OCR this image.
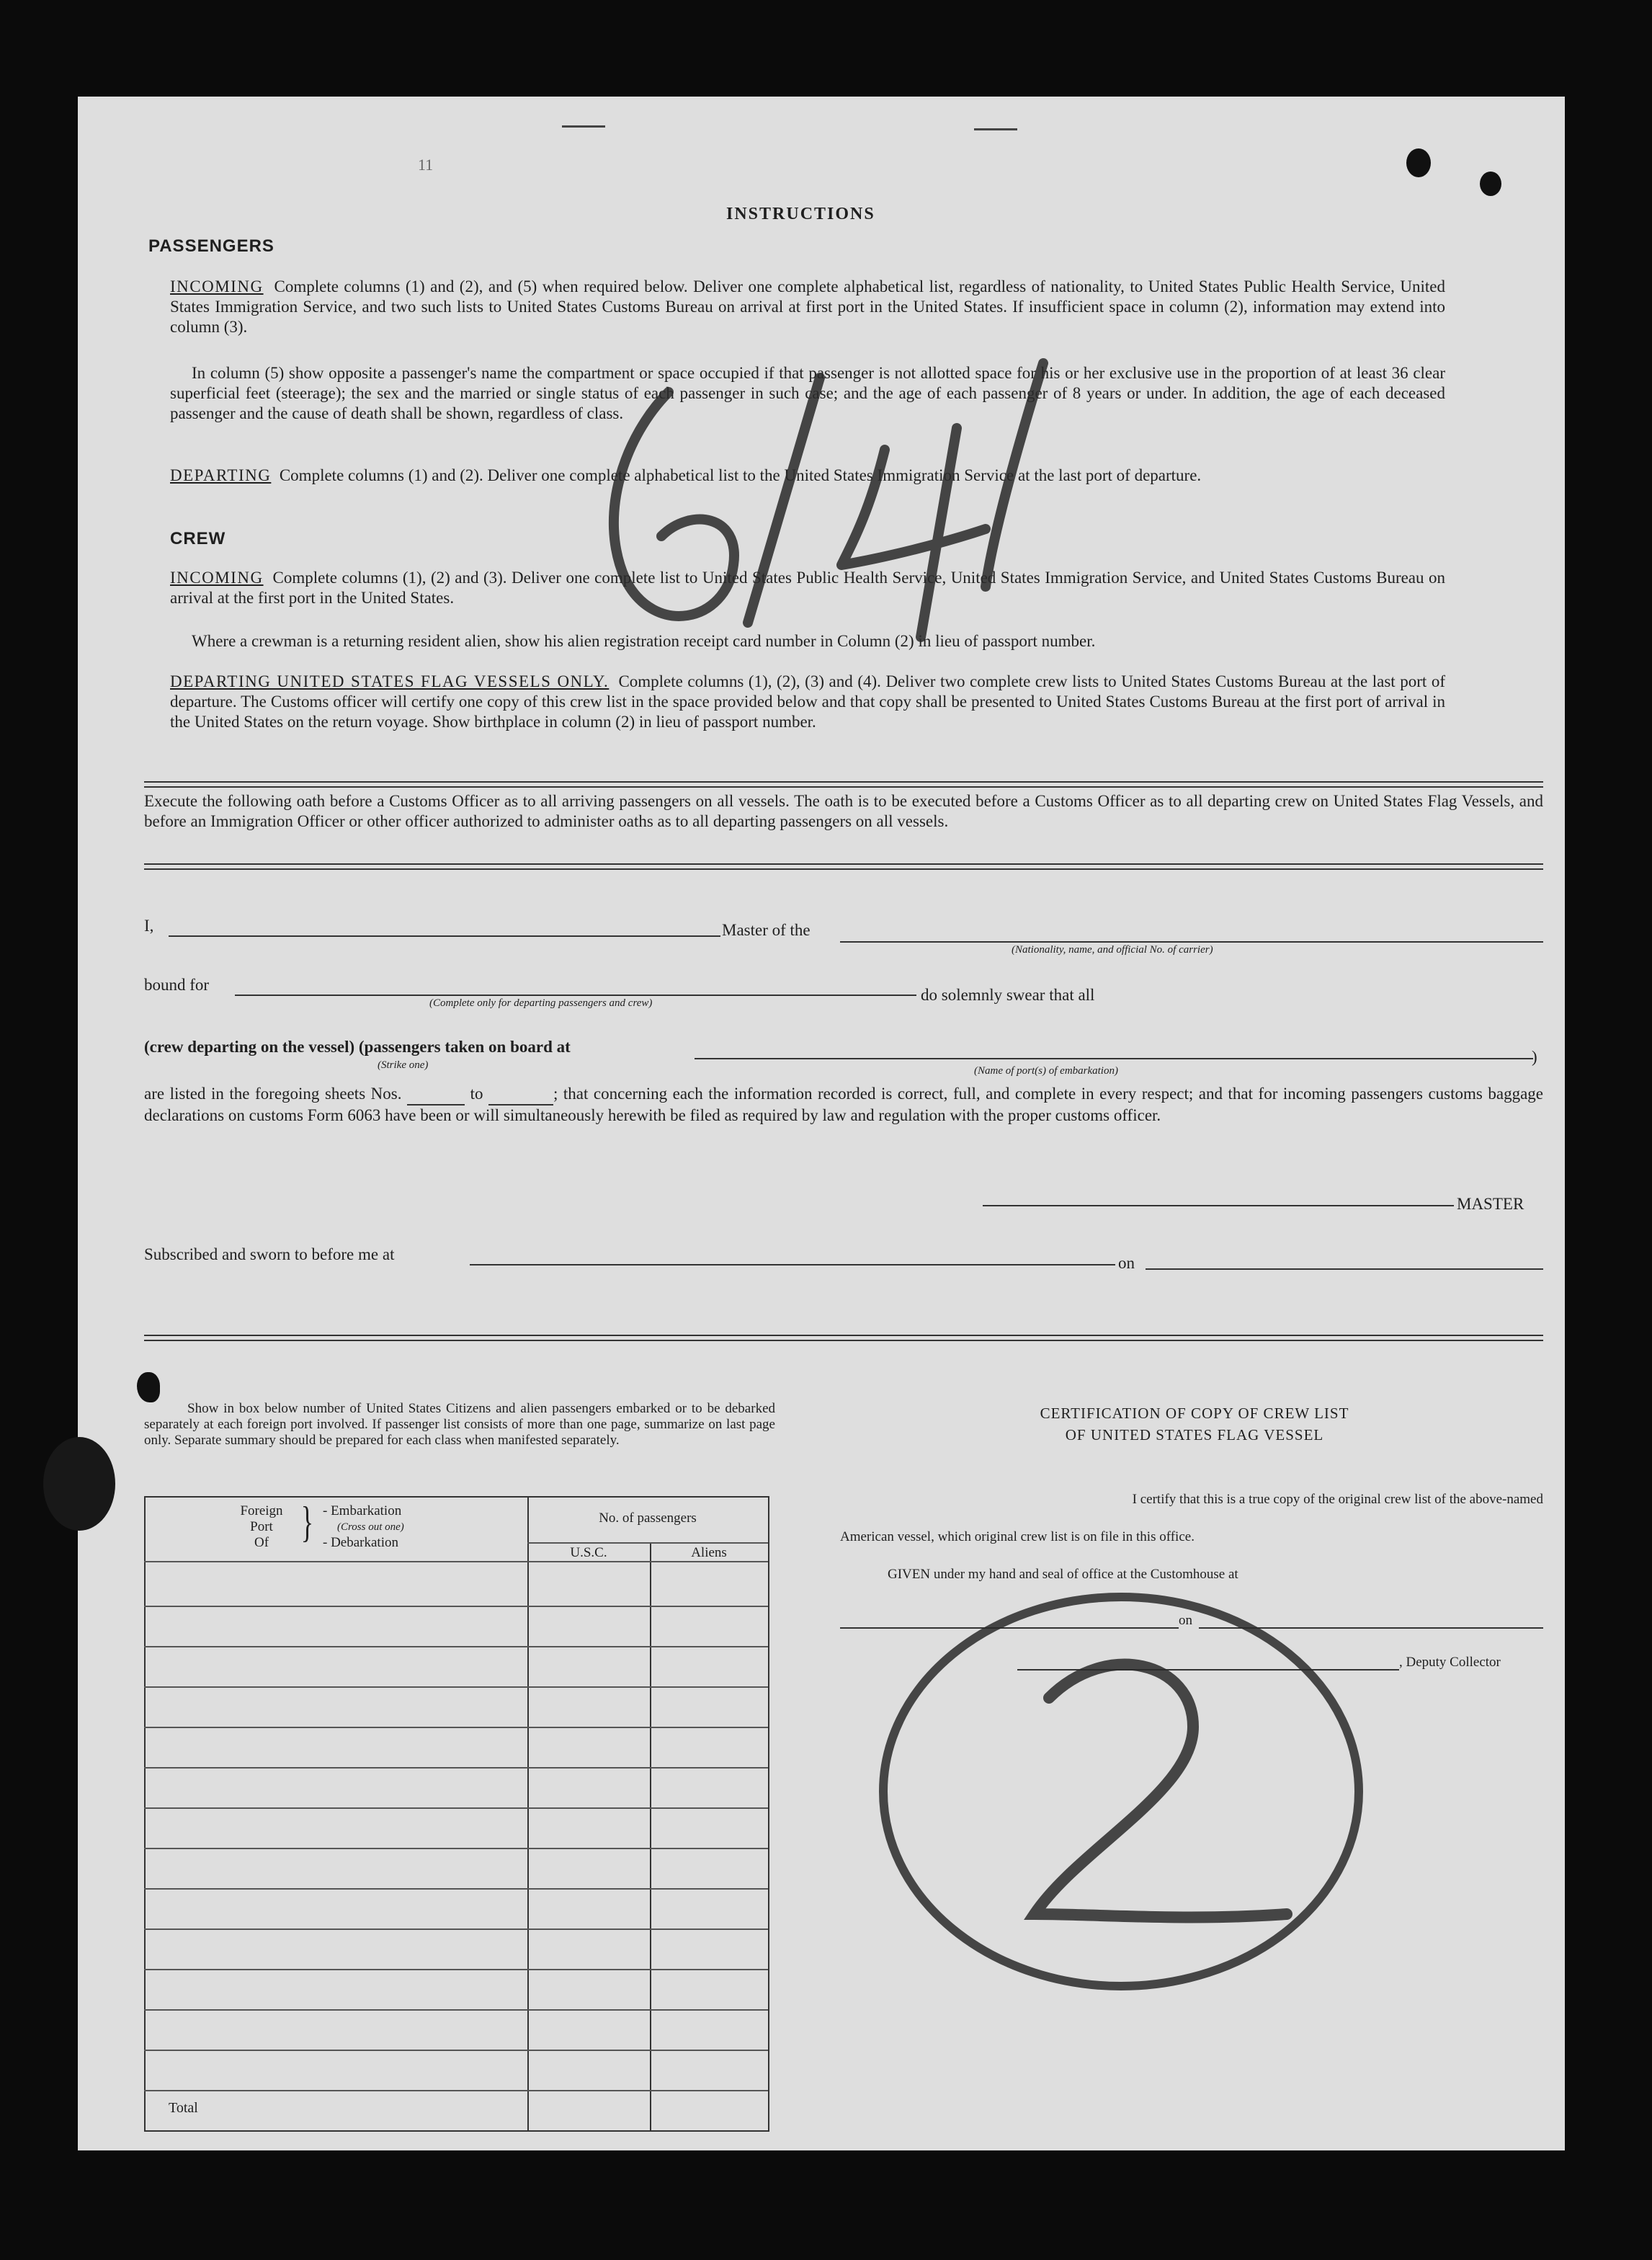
11
INSTRUCTIONS
PASSENGERS
INCOMING Complete columns (1) and (2), and (5) when required below. Deliver one complete alphabetical list, regardless of nationality, to United States Public Health Service, United States Immigration Service, and two such lists to United States Customs Bureau on arrival at first port in the United States. If insufficient space in column (2), information may extend into column (3).
In column (5) show opposite a passenger's name the compartment or space occupied if that passenger is not allotted space for his or her exclusive use in the proportion of at least 36 clear superficial feet (steerage); the sex and the married or single status of each passenger in such case; and the age of each passenger of 8 years or under. In addition, the age of each deceased passenger and the cause of death shall be shown, regardless of class.
DEPARTING Complete columns (1) and (2). Deliver one complete alphabetical list to the United States Immigration Service at the last port of departure.
CREW
INCOMING Complete columns (1), (2) and (3). Deliver one complete list to United States Public Health Service, United States Immigration Service, and United States Customs Bureau on arrival at the first port in the United States.
Where a crewman is a returning resident alien, show his alien registration receipt card number in Column (2) in lieu of passport number.
DEPARTING UNITED STATES FLAG VESSELS ONLY. Complete columns (1), (2), (3) and (4). Deliver two complete crew lists to United States Customs Bureau at the last port of departure. The Customs officer will certify one copy of this crew list in the space provided below and that copy shall be presented to United States Customs Bureau at the first port of arrival in the United States on the return voyage. Show birthplace in column (2) in lieu of passport number.
Execute the following oath before a Customs Officer as to all arriving passengers on all vessels. The oath is to be executed before a Customs Officer as to all departing crew on United States Flag Vessels, and before an Immigration Officer or other officer authorized to administer oaths as to all departing passengers on all vessels.
I,	Master of the
(Nationality, name, and official No. of carrier)
bound for
(Complete only for departing passengers and crew)	do solemnly swear that all
(crew departing on the vessel) (passengers taken on board at
(Strike one)	(Name of port(s) of embarkation)
)
are listed in the foregoing sheets Nos.	to	; that concerning each the information recorded is correct, full, and complete in every respect; and that for incoming passengers customs baggage declarations on customs Form 6063 have been or will simultaneously herewith be filed as required by law and regulation with the proper customs officer.
MASTER
Subscribed and sworn to before me at	on
Show in box below number of United States Citizens and alien passengers embarked or to be debarked separately at each foreign port involved. If passenger list consists of more than one page, summarize on last page only. Separate summary should be prepared for each class when manifested separately.
Foreign
Port
Of } - Embarkation
(Cross out one)
- Debarkation
No. of passengers
U.S.C.	Aliens
Total
CERTIFICATION OF COPY OF CREW LIST
OF UNITED STATES FLAG VESSEL
I certify that this is a true copy of the original crew list of the above-named
American vessel, which original crew list is on file in this office.
GIVEN under my hand and seal of office at the Customhouse at
on
, Deputy Collector
